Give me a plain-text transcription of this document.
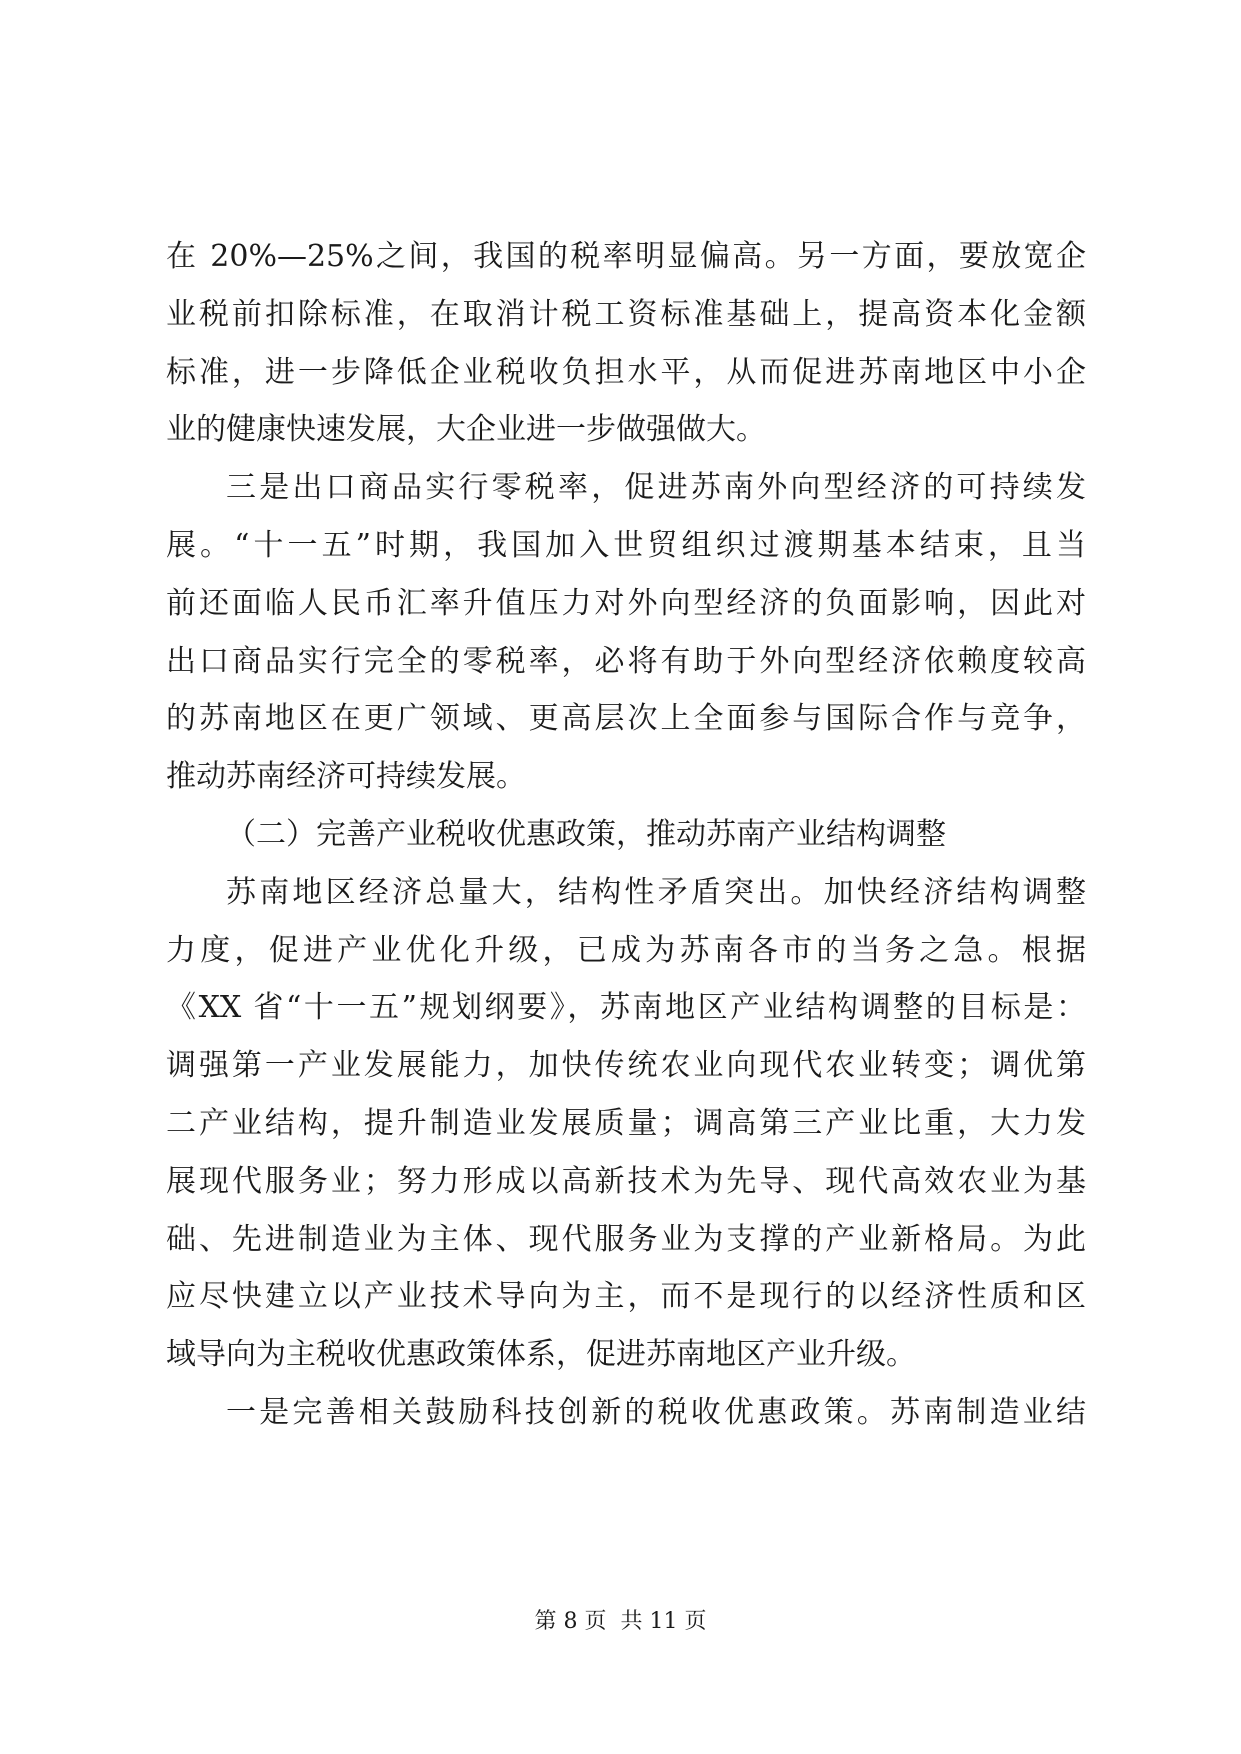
在 20%—25%之间，我国的税率明显偏高。另一方面，要放宽企
业税前扣除标准，在取消计税工资标准基础上，提高资本化金额
标准，进一步降低企业税收负担水平，从而促进苏南地区中小企
业的健康快速发展，大企业进一步做强做大。
三是出口商品实行零税率，促进苏南外向型经济的可持续发
展。“十一五”时期，我国加入世贸组织过渡期基本结束，且当
前还面临人民币汇率升值压力对外向型经济的负面影响，因此对
出口商品实行完全的零税率，必将有助于外向型经济依赖度较高
的苏南地区在更广领域、更高层次上全面参与国际合作与竞争，
推动苏南经济可持续发展。
（二）完善产业税收优惠政策，推动苏南产业结构调整
苏南地区经济总量大，结构性矛盾突出。加快经济结构调整
力度，促进产业优化升级，已成为苏南各市的当务之急。根据
《XX 省“十一五”规划纲要》，苏南地区产业结构调整的目标是：
调强第一产业发展能力，加快传统农业向现代农业转变；调优第
二产业结构，提升制造业发展质量；调高第三产业比重，大力发
展现代服务业；努力形成以高新技术为先导、现代高效农业为基
础、先进制造业为主体、现代服务业为支撑的产业新格局。为此
应尽快建立以产业技术导向为主，而不是现行的以经济性质和区
域导向为主税收优惠政策体系，促进苏南地区产业升级。
一是完善相关鼓励科技创新的税收优惠政策。苏南制造业结
第 8 页  共 11 页
